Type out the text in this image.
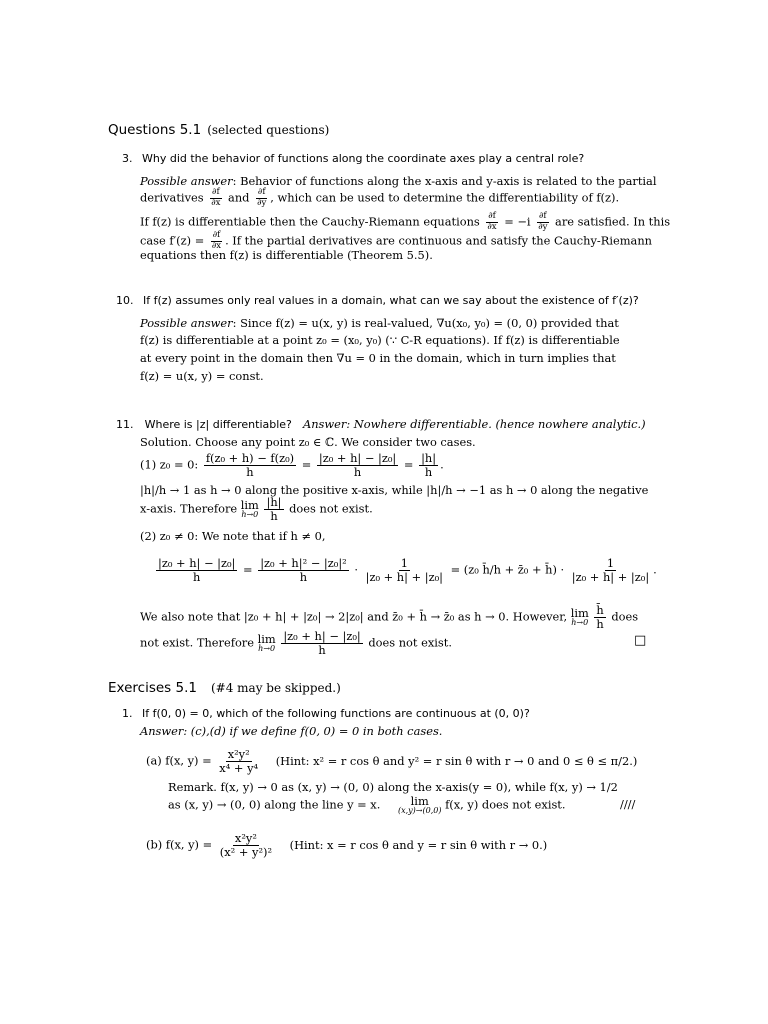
Questions 5.1 (selected questions)
3. Why did the behavior of functions along the coordinate axes play a central role?
Possible answer: Behavior of functions along the x-axis and y-axis is related to the partial
derivatives $\frac{\partial f}{\partial x}$ and $\frac{\partial f}{\partial y}$ , which can be used to determine the differentiability of f(z).
If f(z) is differentiable then the Cauchy-Riemann equations $\frac{\partial f}{\partial x} = -i \frac{\partial f}{\partial y}$ are satisfied. In this
case $f'(z) = \frac{\partial f}{\partial x}$ . If the partial derivatives are continuous and satisfy the Cauchy-Riemann
equations then f(z) is differentiable (Theorem 5.5).
10. If f(z) assumes only real values in a domain, what can we say about the existence of f′(z)?
Possible answer: Since f(z) = u(x, y) is real-valued, ∇u(x₀, y₀) = (0, 0) provided that
f(z) is differentiable at a point z₀ = (x₀, y₀) (∵ C-R equations). If f(z) is differentiable
at every point in the domain then ∇u = 0 in the domain, which in turn implies that
f(z) = u(x, y) = const.
11. Where is |z| differentiable? Answer: Nowhere differentiable. (hence nowhere analytic.)
Solution. Choose any point z₀ ∈ ℂ. We consider two cases.
(1) z₀ = 0: $\frac{\text{f(z₀ + h) − f(z₀)}}{h} = \frac{\text{|z₀ + h| − |z₀|}}{h} = \frac{|h|}{h}$ .
|h|/h → 1 as h → 0 along the positive x-axis, while |h|/h → −1 as h → 0 along the negative
x-axis. Therefore lim
h→0
$\frac{|h|}{h}$ does not exist.
(2) z₀ ≠ 0: We note that if h ≠ 0,
$\frac{\text{|z₀ + h| − |z₀|}}{h} = \frac{\text{|z₀ + h|² − |z₀|²}}{h} \cdot \frac{1}{\text{|z₀ + h| + |z₀|}} = (z_0$ h̄/h + z̄₀ + h̄) · $\frac{1}{\text{|z₀ + h| + |z₀|}}$ .
We also note that |z₀ + h| + |z₀| → 2|z₀| and z̄₀ + h̄ → z̄₀ as h → 0. However, lim
h→0
$\frac{h̄}{h}$ does
not exist. Therefore lim
h→0
$\frac{\text{|z₀ + h| − |z₀|}}{h}$ does not exist.	□
Exercises 5.1 (#4 may be skipped.)
1. If f(0, 0) = 0, which of the following functions are continuous at (0, 0)?
Answer: (c),(d) if we define f(0, 0) = 0 in both cases.
(a) f(x, $y) = \frac{\text{x²y²}}{\text{x⁴ + y⁴}}$ (Hint: x² = r cos θ and y² = r sin θ with r → 0 and 0 ≤ θ ≤ π/2.)
Remark. f(x, y) → 0 as (x, y) → (0, 0) along the x-axis(y = 0), while f(x, y) → 1/2
as (x, y) → (0, 0) along the line y = x.	lim
(x,y)→(0,0) f(x, y) does not exist.	////
(b) f(x, $y) = \frac{\text{x²y²}}{\text{(x² + y²)²}}$ (Hint: x = r cos θ and y = r sin θ with r → 0.)
